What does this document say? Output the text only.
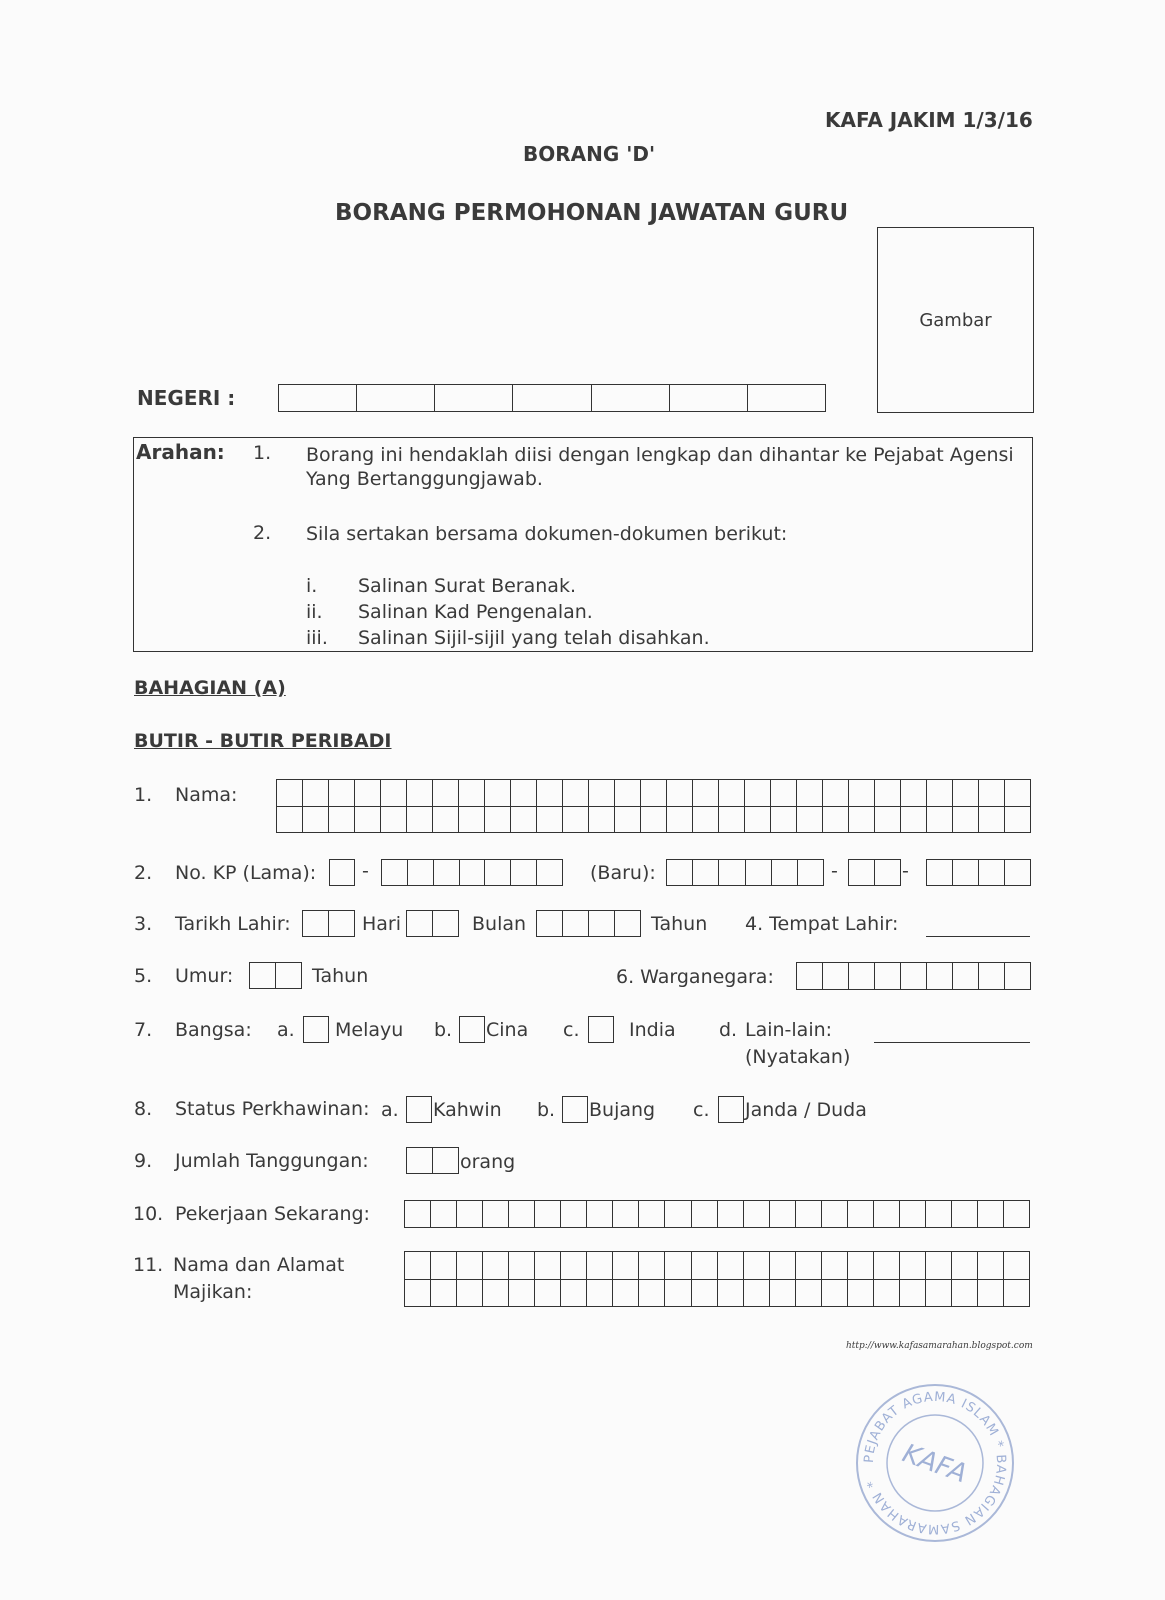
KAFA JAKIM 1/3/16
BORANG 'D'
BORANG PERMOHONAN JAWATAN GURU
Gambar
NEGERI :
Arahan: 1. Borang ini hendaklah diisi dengan lengkap dan dihantar ke Pejabat Agensi
Yang Bertanggungjawab.
2. Sila sertakan bersama dokumen-dokumen berikut:
i. Salinan Surat Beranak.
ii. Salinan Kad Pengenalan.
iii. Salinan Sijil-sijil yang telah disahkan.
BAHAGIAN (A)
BUTIR - BUTIR PERIBADI
1. Nama:
2. No. KP (Lama): -	(Baru):	-	-
3. Tarikh Lahir:	Hari	Bulan	Tahun 4. Tempat Lahir:
5. Umur:	Tahun	6. Warganegara:
7. Bangsa: a. Melayu b. Cina c.	India d. Lain-lain:
(Nyatakan)
8. Status Perkhawinan: a. Kahwin b. Bujang c. Janda / Duda
9. Jumlah Tanggungan:	orang
10. Pekerjaan Sekarang:
11. Nama dan Alamat
Majikan:
http://www.kafasamarahan.blogspot.com
PEJABAT AGAMA ISLAM * BAHAGIAN SAMARAHAN * KAFA
